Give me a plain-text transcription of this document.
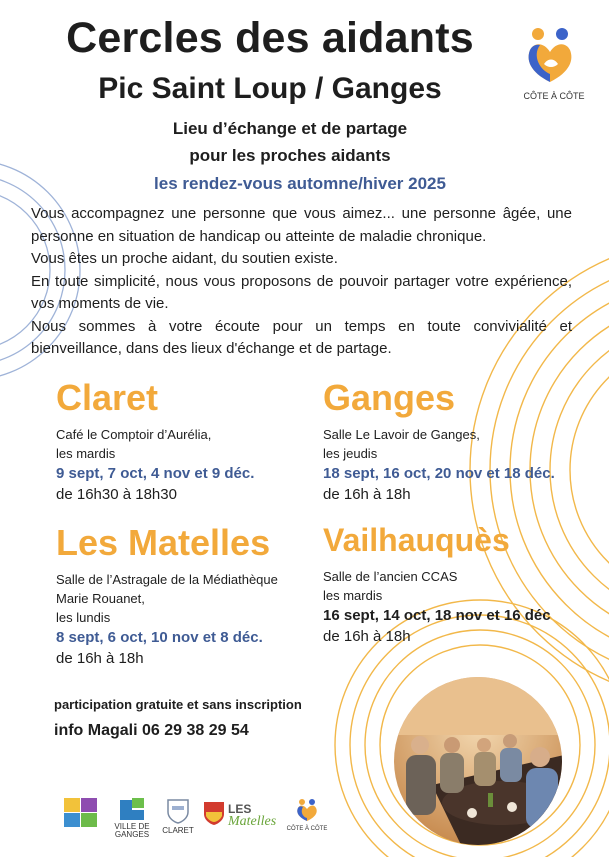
Cercles des aidants
Pic Saint Loup / Ganges	CÔTE À CÔTE
Lieu d’échange et de partage
pour les proches aidants
les rendez-vous automne/hiver 2025

Vous accompagnez une personne que vous aimez... une personne âgée, une personne en situation de handicap ou atteinte de maladie chronique.

Vous êtes un proche aidant, du soutien existe.

En toute simplicité, nous vous proposons de pouvoir partager votre expérience, vos moments de vie.

Nous sommes à votre écoute pour un temps en toute convivialité et bienveillance, dans des lieux d'échange et de partage.

Claret
Café le Comptoir d’Aurélia,
les mardis
9 sept, 7 oct, 4 nov et 9 déc.
de 16h30 à 18h30
Ganges
Salle Le Lavoir de Ganges,
les jeudis
18 sept, 16 oct, 20 nov et 18 déc.
de 16h à 18h
Les Matelles
Salle de l’Astragale de la Médiathèque
Marie Rouanet,
les lundis
8 sept, 6 oct, 10 nov et 8 déc.
de 16h à 18h
Vailhauquès
Salle de l’ancien CCAS
les mardis
16 sept, 14 oct, 18 nov et 16 déc
de 16h à 18h
participation gratuite et sans inscription
info Magali 06 29 38 29 54
VILLE DE GANGES	CLARET
LES
Matelles	CÔTE À CÔTE
